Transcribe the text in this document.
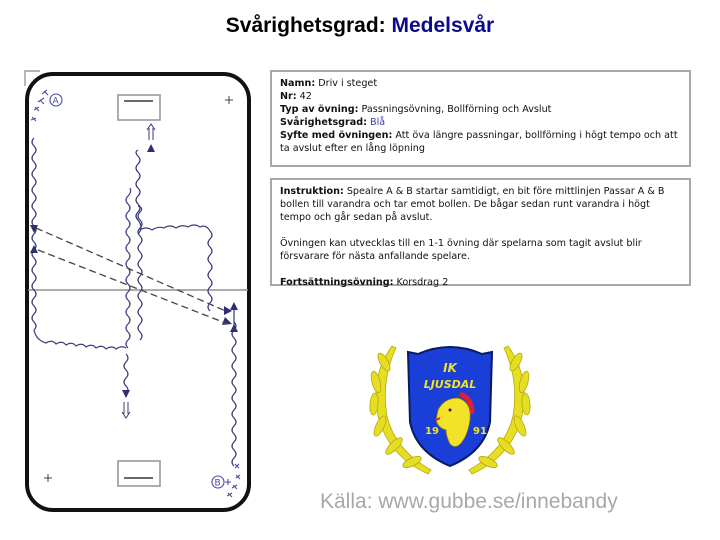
Svårighetsgrad: Medelsvår
A
B

Namn: Driv i steget

Nr: 42

Typ av övning: Passningsövning, Bollförning och Avslut

Svårighetsgrad: Blå

Syfte med övningen: Att öva längre passningar, bollförning i högt tempo och att ta avslut efter en lång löpning

Instruktion: Spealre A & B startar samtidigt, en bit före mittlinjen Passar A & B bollen till varandra och tar emot bollen. De bågar sedan runt varandra i högt tempo och går sedan på avslut.

Övningen kan utvecklas till en 1-1 övning där spelarna som tagit avslut blir försvarare för nästa anfallande spelare.

Fortsättningsövning: Korsdrag 2

IK
LJUSDAL
19	91
Källa: www.gubbe.se/innebandy
